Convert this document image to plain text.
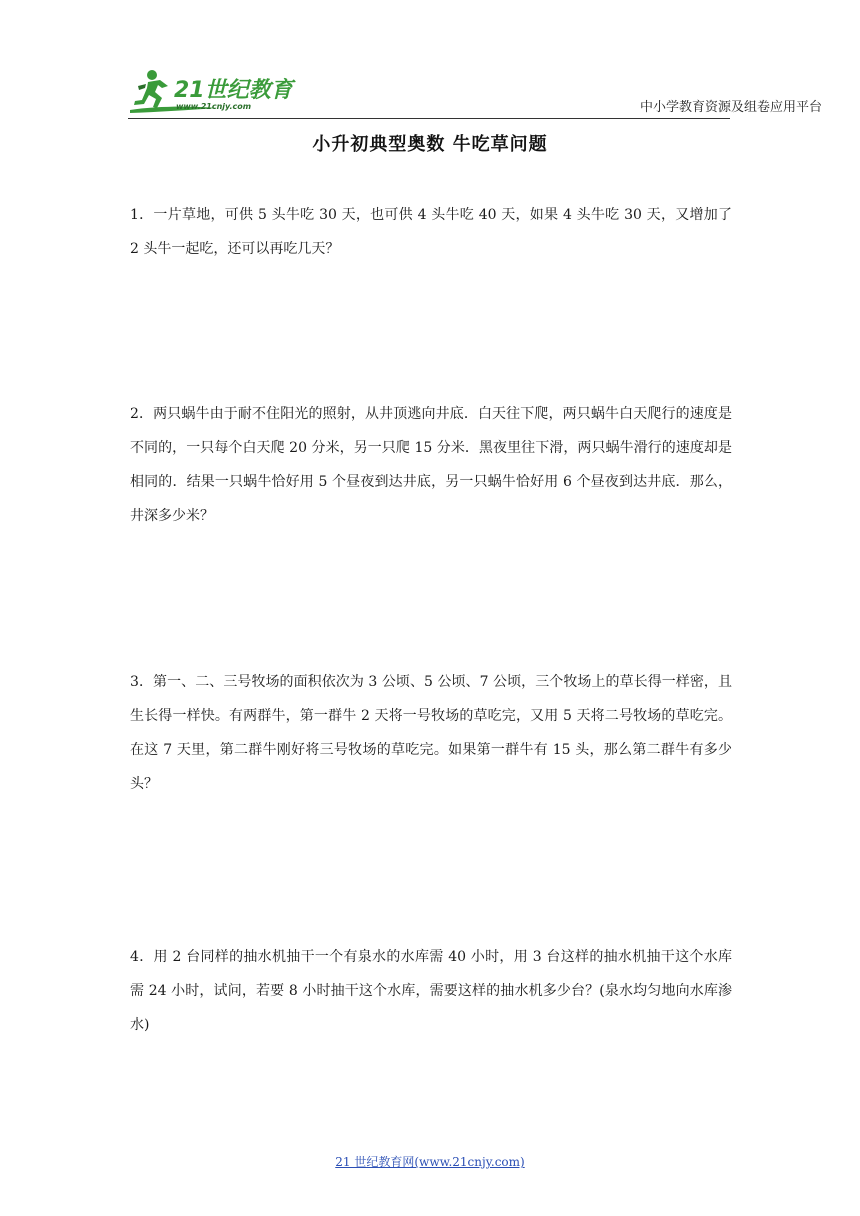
21世纪教育
www.21cnjy.com	中小学教育资源及组卷应用平台
小升初典型奥数 牛吃草问题
1．一片草地，可供 5 头牛吃 30 天，也可供 4 头牛吃 40 天，如果 4 头牛吃 30 天，又增加了 2 头牛一起吃，还可以再吃几天？
2．两只蜗牛由于耐不住阳光的照射，从井顶逃向井底．白天往下爬，两只蜗牛白天爬行的速度是不同的，一只每个白天爬 20 分米，另一只爬 15 分米．黑夜里往下滑，两只蜗牛滑行的速度却是相同的．结果一只蜗牛恰好用 5 个昼夜到达井底，另一只蜗牛恰好用 6 个昼夜到达井底．那么，井深多少米？
3．第一、二、三号牧场的面积依次为 3 公顷、5 公顷、7 公顷，三个牧场上的草长得一样密，且生长得一样快。有两群牛，第一群牛 2 天将一号牧场的草吃完，又用 5 天将二号牧场的草吃完。在这 7 天里，第二群牛刚好将三号牧场的草吃完。如果第一群牛有 15 头，那么第二群牛有多少头？
4．用 2 台同样的抽水机抽干一个有泉水的水库需 40 小时，用 3 台这样的抽水机抽干这个水库需 24 小时，试问，若要 8 小时抽干这个水库，需要这样的抽水机多少台？(泉水均匀地向水库渗水)
21 世纪教育网(www.21cnjy.com)
